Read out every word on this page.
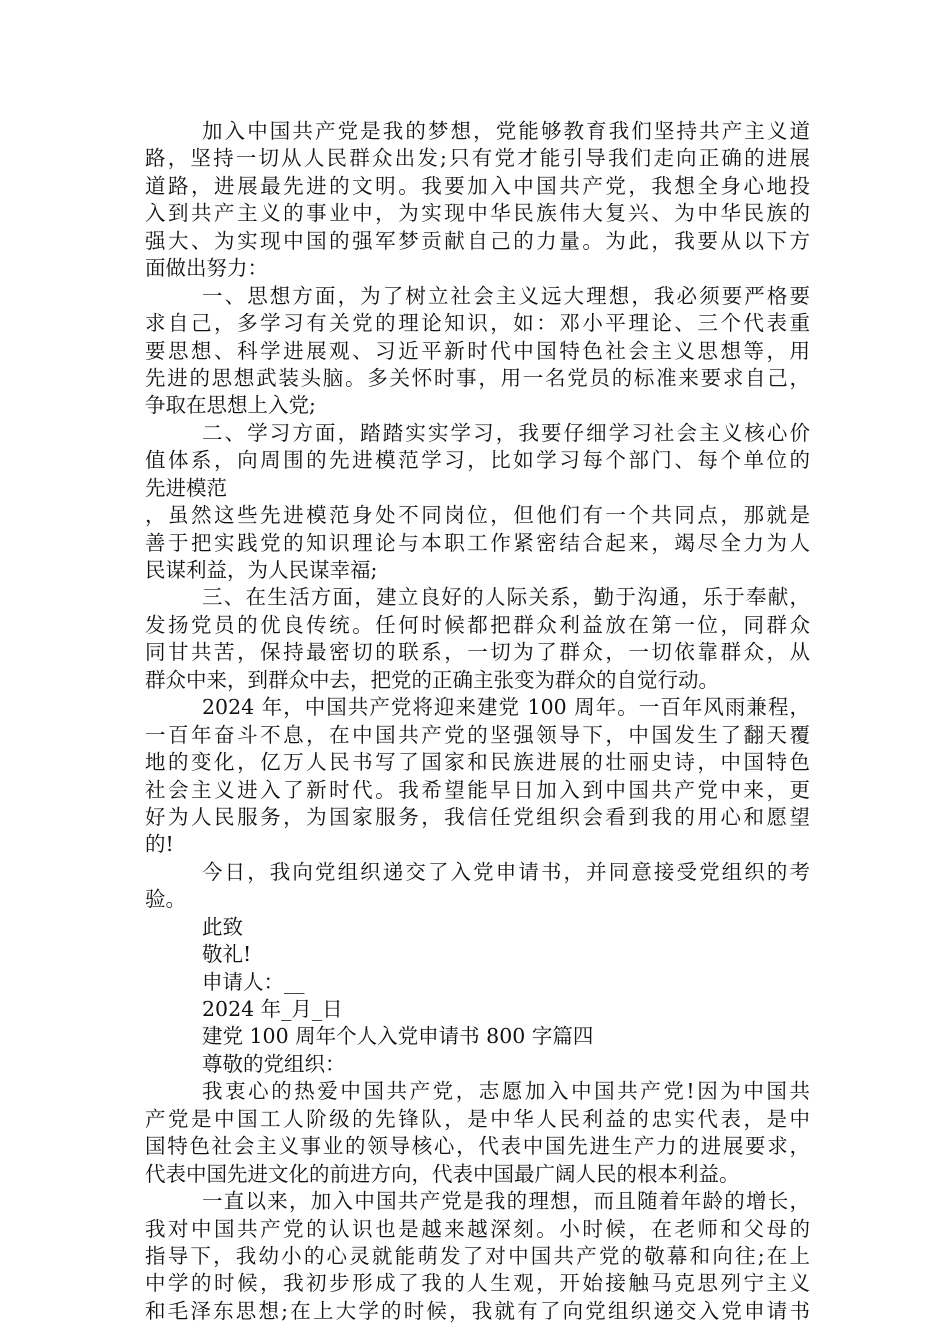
加入中国共产党是我的梦想，党能够教育我们坚持共产主义道
路，坚持一切从人民群众出发;只有党才能引导我们走向正确的进展
道路，进展最先进的文明。我要加入中国共产党，我想全身心地投
入到共产主义的事业中，为实现中华民族伟大复兴、为中华民族的
强大、为实现中国的强军梦贡献自己的力量。为此，我要从以下方
面做出努力：
一、思想方面，为了树立社会主义远大理想，我必须要严格要
求自己，多学习有关党的理论知识，如：邓小平理论、三个代表重
要思想、科学进展观、习近平新时代中国特色社会主义思想等，用
先进的思想武装头脑。多关怀时事，用一名党员的标准来要求自己，
争取在思想上入党;
二、学习方面，踏踏实实学习，我要仔细学习社会主义核心价
值体系，向周围的先进模范学习，比如学习每个部门、每个单位的
先进模范
，虽然这些先进模范身处不同岗位，但他们有一个共同点，那就是
善于把实践党的知识理论与本职工作紧密结合起来，竭尽全力为人
民谋利益，为人民谋幸福;
三、在生活方面，建立良好的人际关系，勤于沟通，乐于奉献，
发扬党员的优良传统。任何时候都把群众利益放在第一位，同群众
同甘共苦，保持最密切的联系，一切为了群众，一切依靠群众，从
群众中来，到群众中去，把党的正确主张变为群众的自觉行动。
2024 年，中国共产党将迎来建党 100 周年。一百年风雨兼程，
一百年奋斗不息，在中国共产党的坚强领导下，中国发生了翻天覆
地的变化，亿万人民书写了国家和民族进展的壮丽史诗，中国特色
社会主义进入了新时代。我希望能早日加入到中国共产党中来，更
好为人民服务，为国家服务，我信任党组织会看到我的用心和愿望
的!
今日，我向党组织递交了入党申请书，并同意接受党组织的考
验。
此致
敬礼!
申请人：__
2024 年_月_日
建党 100 周年个人入党申请书 800 字篇四
尊敬的党组织：
我衷心的热爱中国共产党，志愿加入中国共产党!因为中国共
产党是中国工人阶级的先锋队，是中华人民利益的忠实代表，是中
国特色社会主义事业的领导核心，代表中国先进生产力的进展要求，
代表中国先进文化的前进方向，代表中国最广阔人民的根本利益。
一直以来，加入中国共产党是我的理想，而且随着年龄的增长，
我对中国共产党的认识也是越来越深刻。小时候，在老师和父母的
指导下，我幼小的心灵就能萌发了对中国共产党的敬幕和向往;在上
中学的时候，我初步形成了我的人生观，开始接触马克思列宁主义
和毛泽东思想;在上大学的时候，我就有了向党组织递交入党申请书
